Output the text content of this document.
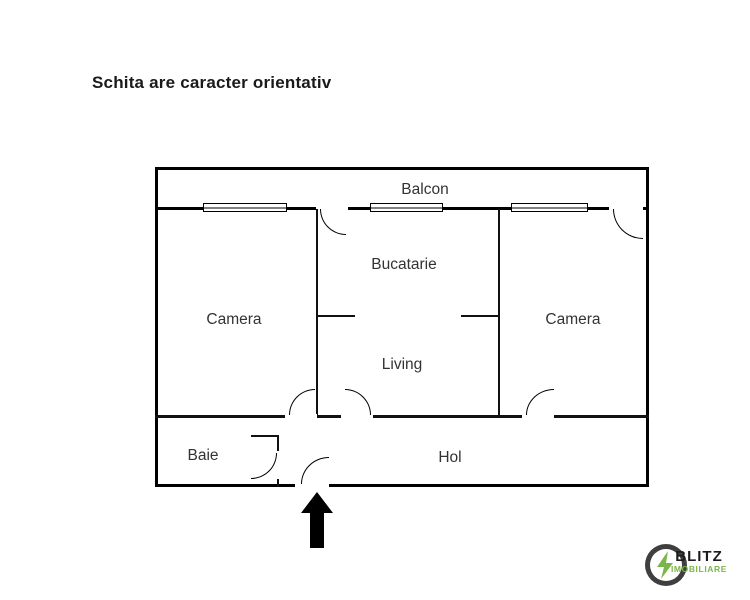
Schita are caracter orientativ
Balcon
Camera
Bucatarie
Living
Camera
Baie	Hol
BLITZ
IMOBILIARE
